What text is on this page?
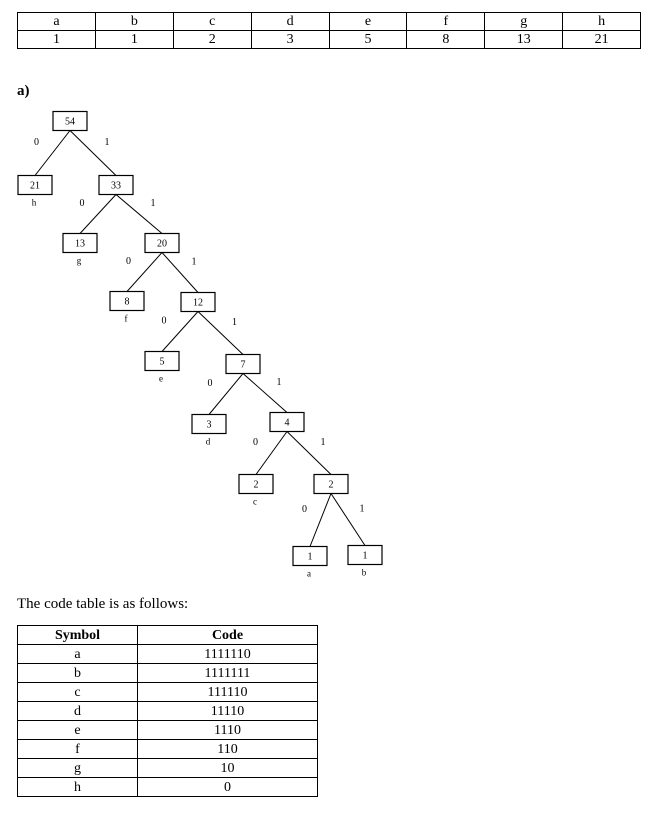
a	b	c	d	e	f	g	h
1	1	2	3	5	8	13	21
a)
0	1
0	1
0	1
0	1
0	1
0	1
0	1
54
21
h
33
13
g
20
8
f
12
5
e
7
3
d
4
2
c
2
1
a
1
b
The code table is as follows:
Symbol	Code
a	1111110
b	1111111
c	111110
d	11110
e	1110
f	110
g	10
h	0
